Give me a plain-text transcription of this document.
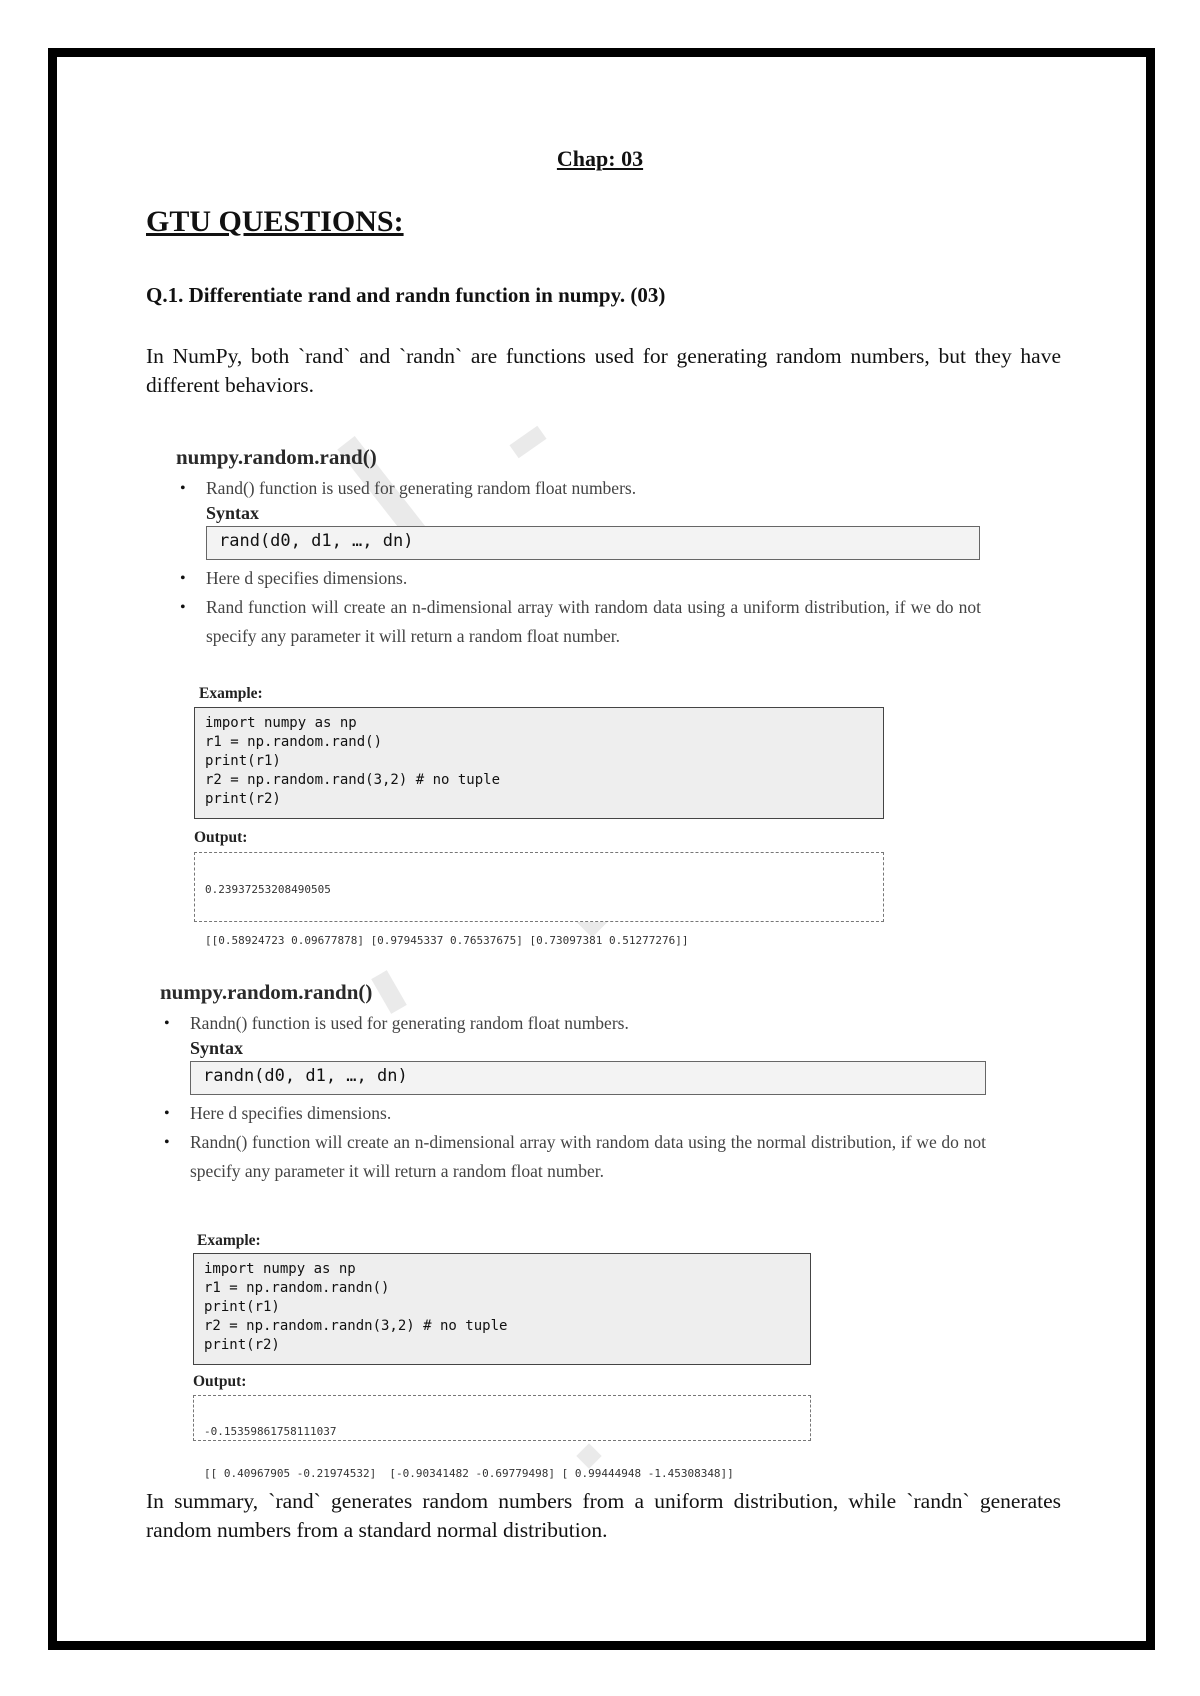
Chap: 03
GTU QUESTIONS:
Q.1. Differentiate rand and randn function in numpy. (03)
In NumPy, both `rand` and `randn` are functions used for generating random numbers, but they have different behaviors.
numpy.random.rand()
• Rand() function is used for generating random float numbers.
Syntax
rand(d0, d1, …, dn)
• Here d specifies dimensions.
• Rand function will create an n-dimensional array with random data using a uniform distribution, if we do not specify any parameter it will return a random float number.
Example:
import numpy as np
r1 = np.random.rand()
print(r1)
r2 = np.random.rand(3,2) # no tuple
print(r2)
Output:

0.23937253208490505

[[0.58924723 0.09677878] [0.97945337 0.76537675] [0.73097381 0.51277276]]

numpy.random.randn()
• Randn() function is used for generating random float numbers.
Syntax
randn(d0, d1, …, dn)
• Here d specifies dimensions.
• Randn() function will create an n-dimensional array with random data using the normal distribution, if we do not specify any parameter it will return a random float number.
Example:
import numpy as np
r1 = np.random.randn()
print(r1)
r2 = np.random.randn(3,2) # no tuple
print(r2)
Output:

-0.15359861758111037

[[ 0.40967905 -0.21974532]  [-0.90341482 -0.69779498] [ 0.99444948 -1.45308348]]

In summary, `rand` generates random numbers from a uniform distribution, while `randn` generates random numbers from a standard normal distribution.
